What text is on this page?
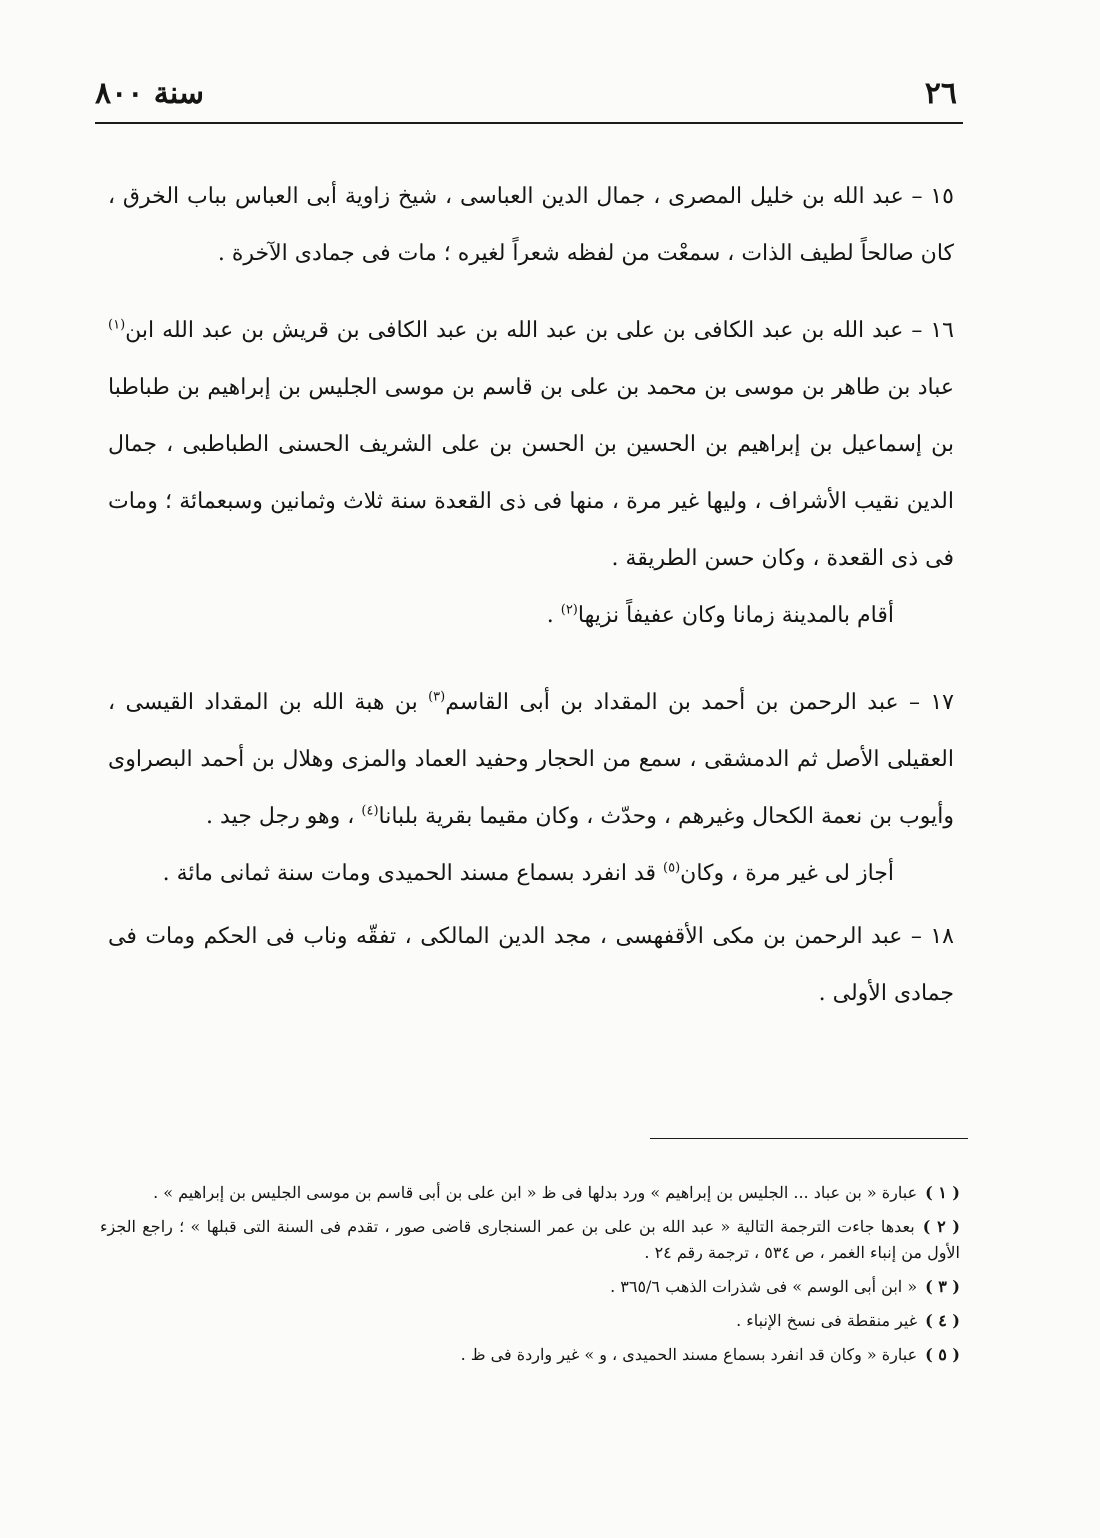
٢٦
سنة ٨٠٠

١٥ – عبد الله بن خليل المصرى ، جمال الدين العباسى ، شيخ زاوية أبى العباس بباب الخرق ، كان صالحاً لطيف الذات ، سمعْت من لفظه شعراً لغيره ؛ مات فى جمادى الآخرة .

١٦ – عبد الله بن عبد الكافى بن على بن عبد الله بن عبد الكافى بن قريش بن عبد الله ابن$^{(١)}$ عباد بن طاهر بن موسى بن محمد بن على بن قاسم بن موسى الجليس بن إبراهيم بن طباطبا بن إسماعيل بن إبراهيم بن الحسين بن الحسن بن على الشريف الحسنى الطباطبى ، جمال الدين نقيب الأشراف ، وليها غير مرة ، منها فى ذى القعدة سنة ثلاث وثمانين وسبعمائة ؛ ومات فى ذى القعدة ، وكان حسن الطريقة .

أقام بالمدينة زمانا وكان عفيفاً نزيها$^{(٢)}$ .

١٧ – عبد الرحمن بن أحمد بن المقداد بن أبى القاسم$^{(٣)}$ بن هبة الله بن المقداد القيسى ، العقيلى الأصل ثم الدمشقى ، سمع من الحجار وحفيد العماد والمزى وهلال بن أحمد البصراوى وأيوب بن نعمة الكحال وغيرهم ، وحدّث ، وكان مقيما بقرية بلبانا$^{(٤)}$ ، وهو رجل جيد .

أجاز لى غير مرة ، وكان$^{(٥)}$ قد انفرد بسماع مسند الحميدى ومات سنة ثمانى مائة .

١٨ – عبد الرحمن بن مكى الأقفهسى ، مجد الدين المالكى ، تفقّه وناب فى الحكم ومات فى جمادى الأولى .

( ١ )عبارة « بن عباد ... الجليس بن إبراهيم » ورد بدلها فى ظ « ابن على بن أبى قاسم بن موسى الجليس بن إبراهيم » .

( ٢ )بعدها جاءت الترجمة التالية « عبد الله بن على بن عمر السنجارى قاضى صور ، تقدم فى السنة التى قبلها » ؛ راجع الجزء الأول من إنباء الغمر ، ص ٥٣٤ ، ترجمة رقم ٢٤ .

( ٣ )« ابن أبى الوسم » فى شذرات الذهب ٣٦٥/٦ .

( ٤ )غير منقطة فى نسخ الإنباء .

( ٥ )عبارة « وكان قد انفرد بسماع مسند الحميدى ، و » غير واردة فى ظ .
